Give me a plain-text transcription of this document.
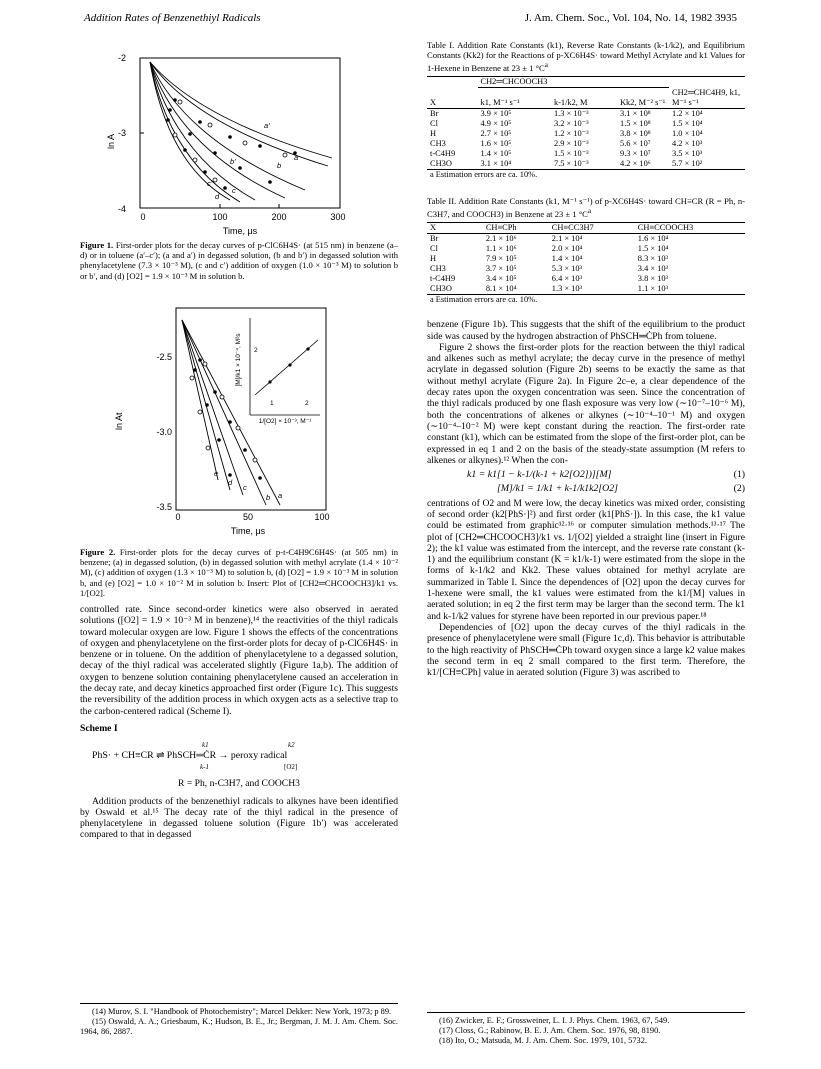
Addition Rates of Benzenethiyl Radicals	J. Am. Chem. Soc., Vol. 104, No. 14, 1982 3935
ln A
-2
-3
-4
0	100	200	300
Time, μs
a
a'
b
b'
c
c'
d

Figure 1. First-order plots for the decay curves of p-ClC6H4S· (at 515 nm) in benzene (a–d) or in toluene (a′–c′); (a and a′) in degassed solution, (b and b′) in degassed solution with phenylacetylene (7.3 × 10⁻³ M), (c and c′) addition of oxygen (1.0 × 10⁻³ M) to solution b or b′, and (d) [O2] = 1.9 × 10⁻³ M in solution b.

ln At
-2.5
-3.0
-3.5
0	50	100
Time, μs
a
b
c
d
e
[M]/k1 × 10⁻⁴, M²s 2
1/[O2] × 10⁻³, M⁻¹
1	2

Figure 2. First-order plots for the decay curves of p-t-C4H9C6H4S· (at 505 nm) in benzene; (a) in degassed solution, (b) in degassed solution with methyl acrylate (1.4 × 10⁻² M), (c) addition of oxygen (1.3 × 10⁻³ M) to solution b, (d) [O2] = 1.9 × 10⁻³ M in solution b, and (e) [O2] = 1.0 × 10⁻² M in solution b. Insert: Plot of [CH2═CHCOOCH3]/k1 vs. 1/[O2].

controlled rate. Since second-order kinetics were also observed in aerated solutions ([O2] = 1.9 × 10⁻³ M in benzene),¹⁴ the reactivities of the thiyl radicals toward molecular oxygen are low. Figure 1 shows the effects of the concentrations of oxygen and phenylacetylene on the first-order plots for decay of p-ClC6H4S· in benzene or in toluene. On the addition of phenylacetylene to a degassed solution, decay of the thiyl radical was accelerated slightly (Figure 1a,b). The addition of oxygen to benzene solution containing phenylacetylene caused an acceleration in the decay rate, and decay kinetics approached first order (Figure 1c). This suggests the reversibility of the addition process in which oxygen acts as a selective trap to the carbon-centered radical (Scheme I).

Scheme I

PhS· + CH≡CR ⇌ PhSCH═ĊR → peroxy radical
k1
k-1
k2
[O2]

R = Ph, n-C3H7, and COOCH3

Addition products of the benzenethiyl radicals to alkynes have been identified by Oswald et al.¹⁵ The decay rate of the thiyl radical in the presence of phenylacetylene in degassed toluene solution (Figure 1b′) was accelerated compared to that in degassed

(14) Murov, S. I. "Handbook of Photochemistry"; Marcel Dekker: New York, 1973; p 89.

(15) Oswald, A. A.; Griesbaum, K.; Hudson, B. E., Jr.; Bergman, J. M. J. Am. Chem. Soc. 1964, 86, 2887.

Table I. Addition Rate Constants (k1), Reverse Rate Constants (k-1/k2), and Equilibrium Constants (Kk2) for the Reactions of p-XC6H4S· toward Methyl Acrylate and k1 Values for 1-Hexene in Benzene at 23 ± 1 $^\circ C^a$

	CH2═CHCOOCH3			
X	k1, M⁻¹ s⁻¹	k-1/k2, M	Kk2, M⁻² s⁻¹	CH2═CHC4H9, k1, M⁻¹ s⁻¹
Br	3.9 × 10⁵	1.3 × 10⁻³	3.1 × 10⁸	1.2 × 10⁴
Cl	4.9 × 10⁵	3.2 × 10⁻³	1.5 × 10⁸	1.5 × 10⁴
H	2.7 × 10⁵	1.2 × 10⁻³	3.8 × 10⁸	1.0 × 10⁴
CH3	1.6 × 10⁵	2.9 × 10⁻³	5.6 × 10⁷	4.2 × 10³
t-C4H9	1.4 × 10⁵	1.5 × 10⁻³	9.3 × 10⁷	3.5 × 10³
CH3O	3.1 × 10⁴	7.5 × 10⁻³	4.2 × 10⁶	5.7 × 10²
a Estimation errors are ca. 10%.				

Table II. Addition Rate Constants (k1, M⁻¹ s⁻¹) of p-XC6H4S· toward CH≡CR (R = Ph, n-C3H7, and COOCH3) in Benzene at 23 ± 1 $^\circ C^a$

X	CH≡CPh	CH≡CC3H7	CH≡CCOOCH3
Br	2.1 × 10⁶	2.1 × 10⁴	1.6 × 10⁴
Cl	1.1 × 10⁶	2.0 × 10⁴	1.5 × 10⁴
H	7.9 × 10⁵	1.4 × 10⁴	8.3 × 10³
CH3	3.7 × 10⁵	5.3 × 10³	3.4 × 10³
t-C4H9	3.4 × 10⁵	6.4 × 10³	3.8 × 10³
CH3O	8.1 × 10⁴	1.3 × 10³	1.1 × 10³
a Estimation errors are ca. 10%.			

benzene (Figure 1b). This suggests that the shift of the equilibrium to the product side was caused by the hydrogen abstraction of PhSCH═ĊPh from toluene.

Figure 2 shows the first-order plots for the reaction between the thiyl radical and alkenes such as methyl acrylate; the decay curve in the presence of methyl acrylate in degassed solution (Figure 2b) seems to be exactly the same as that without methyl acrylate (Figure 2a). In Figure 2c–e, a clear dependence of the decay rates upon the oxygen concentration was seen. Since the concentration of the thiyl radicals produced by one flash exposure was very low (∼10⁻⁷–10⁻⁶ M), both the concentrations of alkenes or alkynes (∼10⁻⁴–10⁻¹ M) and oxygen (∼10⁻⁴–10⁻² M) were kept constant during the reaction. The first-order rate constant (k1), which can be estimated from the slope of the first-order plot, can be expressed in eq 1 and 2 on the basis of the steady-state assumption (M refers to alkenes or alkynes).¹² When the con-

k1 = k1[1 − k-1/(k-1 + k2[O2])][M]	(1)
[M]/k1 = 1/k1 + k-1/k1k2[O2]	(2)

centrations of O2 and M were low, the decay kinetics was mixed order, consisting of second order (k2[PhS·]²) and first order (k1[PhS·]). In this case, the k1 value could be estimated from graphic¹²·¹⁶ or computer simulation methods.¹³·¹⁷ The plot of [CH2═CHCOOCH3]/k1 vs. 1/[O2] yielded a straight line (insert in Figure 2); the k1 value was estimated from the intercept, and the reverse rate constant (k-1) and the equilibrium constant (K = k1/k-1) were estimated from the slope in the forms of k-1/k2 and Kk2. These values obtained for methyl acrylate are summarized in Table I. Since the dependences of [O2] upon the decay curves for 1-hexene were small, the k1 values were estimated from the k1/[M] values in aerated solution; in eq 2 the first term may be larger than the second term. The k1 and k-1/k2 values for styrene have been reported in our previous paper.¹⁸

Dependencies of [O2] upon the decay curves of the thiyl radicals in the presence of phenylacetylene were small (Figure 1c,d). This behavior is attributable to the high reactivity of PhSCH═ĊPh toward oxygen since a large k2 value makes the second term in eq 2 small compared to the first term. Therefore, the k1/[CH≡CPh] value in aerated solution (Figure 3) was ascribed to

(16) Zwicker, E. F.; Grossweiner, L. I. J. Phys. Chem. 1963, 67, 549.

(17) Closs, G.; Rabinow, B. E. J. Am. Chem. Soc. 1976, 98, 8190.

(18) Ito, O.; Matsuda, M. J. Am. Chem. Soc. 1979, 101, 5732.
